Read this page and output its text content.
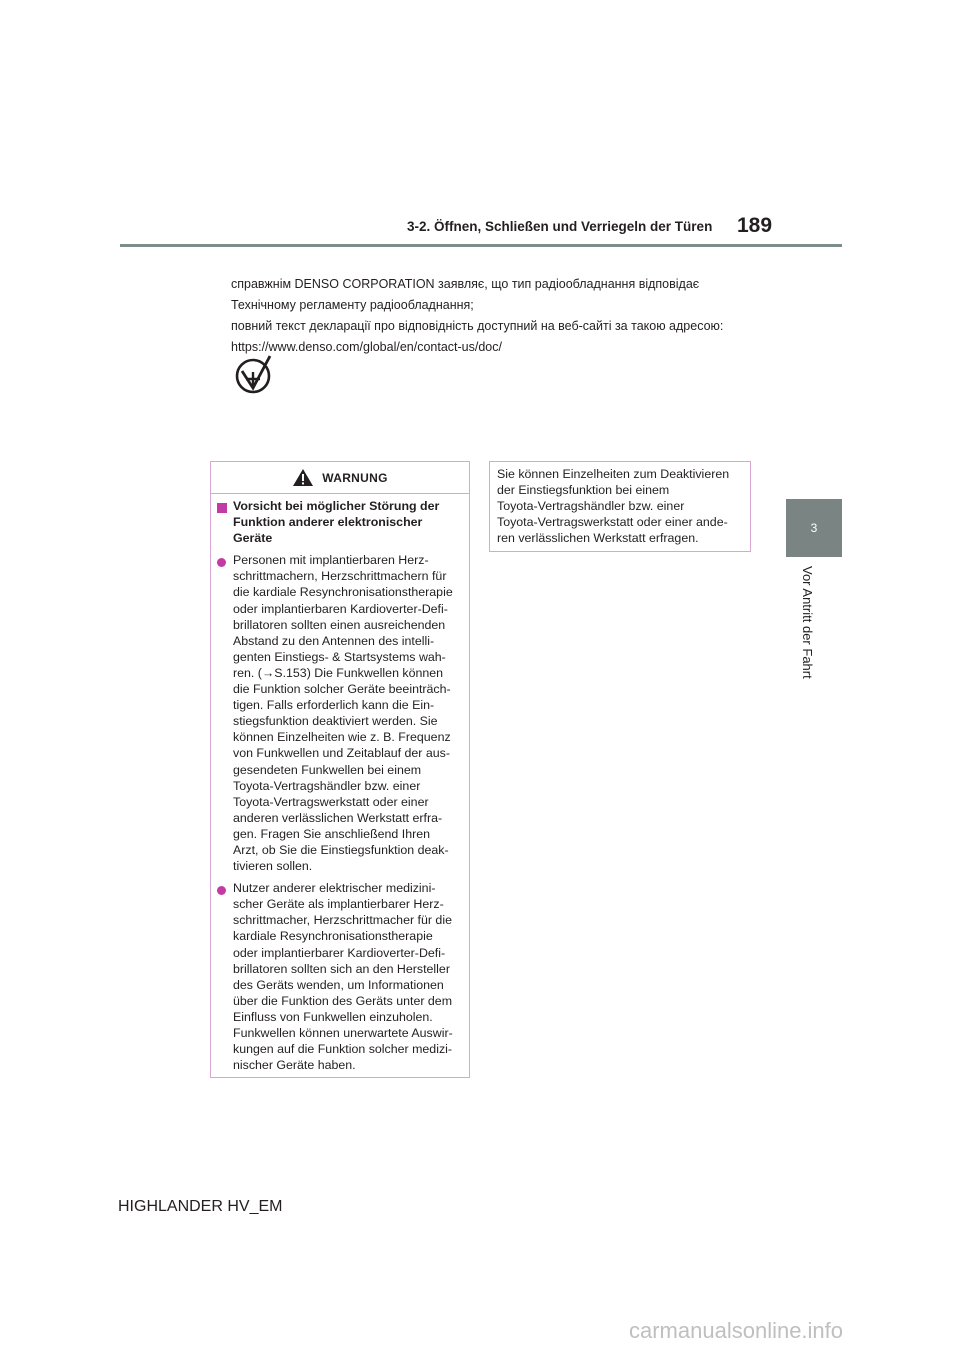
3-2. Öffnen, Schließen und Verriegeln der Türen 189
3
Vor Antritt der Fahrt
справжнім DENSO CORPORATION заявляє, що тип радіообладнання відповідає
Технічному регламенту радіообладнання;
повний текст декларації про відповідність доступний на веб-сайті за такою адресою:
https://www.denso.com/global/en/contact-us/doc/
WARNUNG
Vorsicht bei möglicher Störung der Funktion anderer elektronischer Geräte
Personen mit implantierbaren Herz-
schrittmachern, Herzschrittmachern für
die kardiale Resynchronisationstherapie
oder implantierbaren Kardioverter-Defi-
brillatoren sollten einen ausreichenden
Abstand zu den Antennen des intelli-
genten Einstiegs- & Startsystems wah-
ren. (→S.153) Die Funkwellen können
die Funktion solcher Geräte beeinträch-
tigen. Falls erforderlich kann die Ein-
stiegsfunktion deaktiviert werden. Sie
können Einzelheiten wie z. B. Frequenz
von Funkwellen und Zeitablauf der aus-
gesendeten Funkwellen bei einem
Toyota-Vertragshändler bzw. einer
Toyota-Vertragswerkstatt oder einer
anderen verlässlichen Werkstatt erfra-
gen. Fragen Sie anschließend Ihren
Arzt, ob Sie die Einstiegsfunktion deak-
tivieren sollen.
Nutzer anderer elektrischer medizini-
scher Geräte als implantierbarer Herz-
schrittmacher, Herzschrittmacher für die
kardiale Resynchronisationstherapie
oder implantierbarer Kardioverter-Defi-
brillatoren sollten sich an den Hersteller
des Geräts wenden, um Informationen
über die Funktion des Geräts unter dem
Einfluss von Funkwellen einzuholen.
Funkwellen können unerwartete Auswir-
kungen auf die Funktion solcher medizi-
nischer Geräte haben.
Sie können Einzelheiten zum Deaktivieren
der Einstiegsfunktion bei einem
Toyota-Vertragshändler bzw. einer
Toyota-Vertragswerkstatt oder einer ande-
ren verlässlichen Werkstatt erfragen.
HIGHLANDER HV_EM
carmanualsonline.info
